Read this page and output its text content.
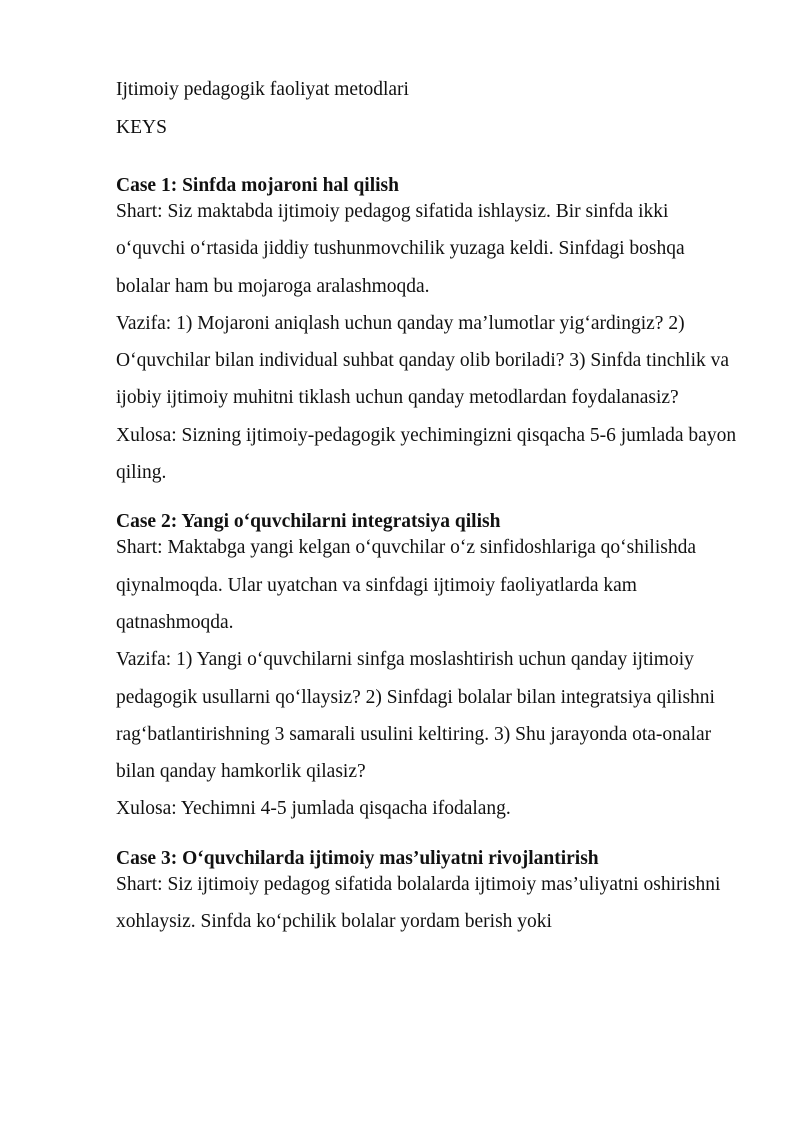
Ijtimoiy pedagogik faoliyat metodlari

KEYS

Case 1: Sinfda mojaroni hal qilish

Shart: Siz maktabda ijtimoiy pedagog sifatida ishlaysiz. Bir sinfda ikki o‘quvchi o‘rtasida jiddiy tushunmovchilik yuzaga keldi. Sinfdagi boshqa bolalar ham bu mojaroga aralashmoqda.

Vazifa: 1) Mojaroni aniqlash uchun qanday ma’lumotlar yig‘ardingiz? 2) O‘quvchilar bilan individual suhbat qanday olib boriladi? 3) Sinfda tinchlik va ijobiy ijtimoiy muhitni tiklash uchun qanday metodlardan foydalanasiz?

Xulosa: Sizning ijtimoiy-pedagogik yechimingizni qisqacha 5-6 jumlada bayon qiling.

Case 2: Yangi o‘quvchilarni integratsiya qilish

Shart: Maktabga yangi kelgan o‘quvchilar o‘z sinfidoshlariga qo‘shilishda qiynalmoqda. Ular uyatchan va sinfdagi ijtimoiy faoliyatlarda kam qatnashmoqda.

Vazifa: 1) Yangi o‘quvchilarni sinfga moslashtirish uchun qanday ijtimoiy pedagogik usullarni qo‘llaysiz? 2) Sinfdagi bolalar bilan integratsiya qilishni rag‘batlantirishning 3 samarali usulini keltiring. 3) Shu jarayonda ota-onalar bilan qanday hamkorlik qilasiz?

Xulosa: Yechimni 4-5 jumlada qisqacha ifodalang.

Case 3: O‘quvchilarda ijtimoiy mas’uliyatni rivojlantirish

Shart: Siz ijtimoiy pedagog sifatida bolalarda ijtimoiy mas’uliyatni oshirishni xohlaysiz. Sinfda ko‘pchilik bolalar yordam berish yoki
